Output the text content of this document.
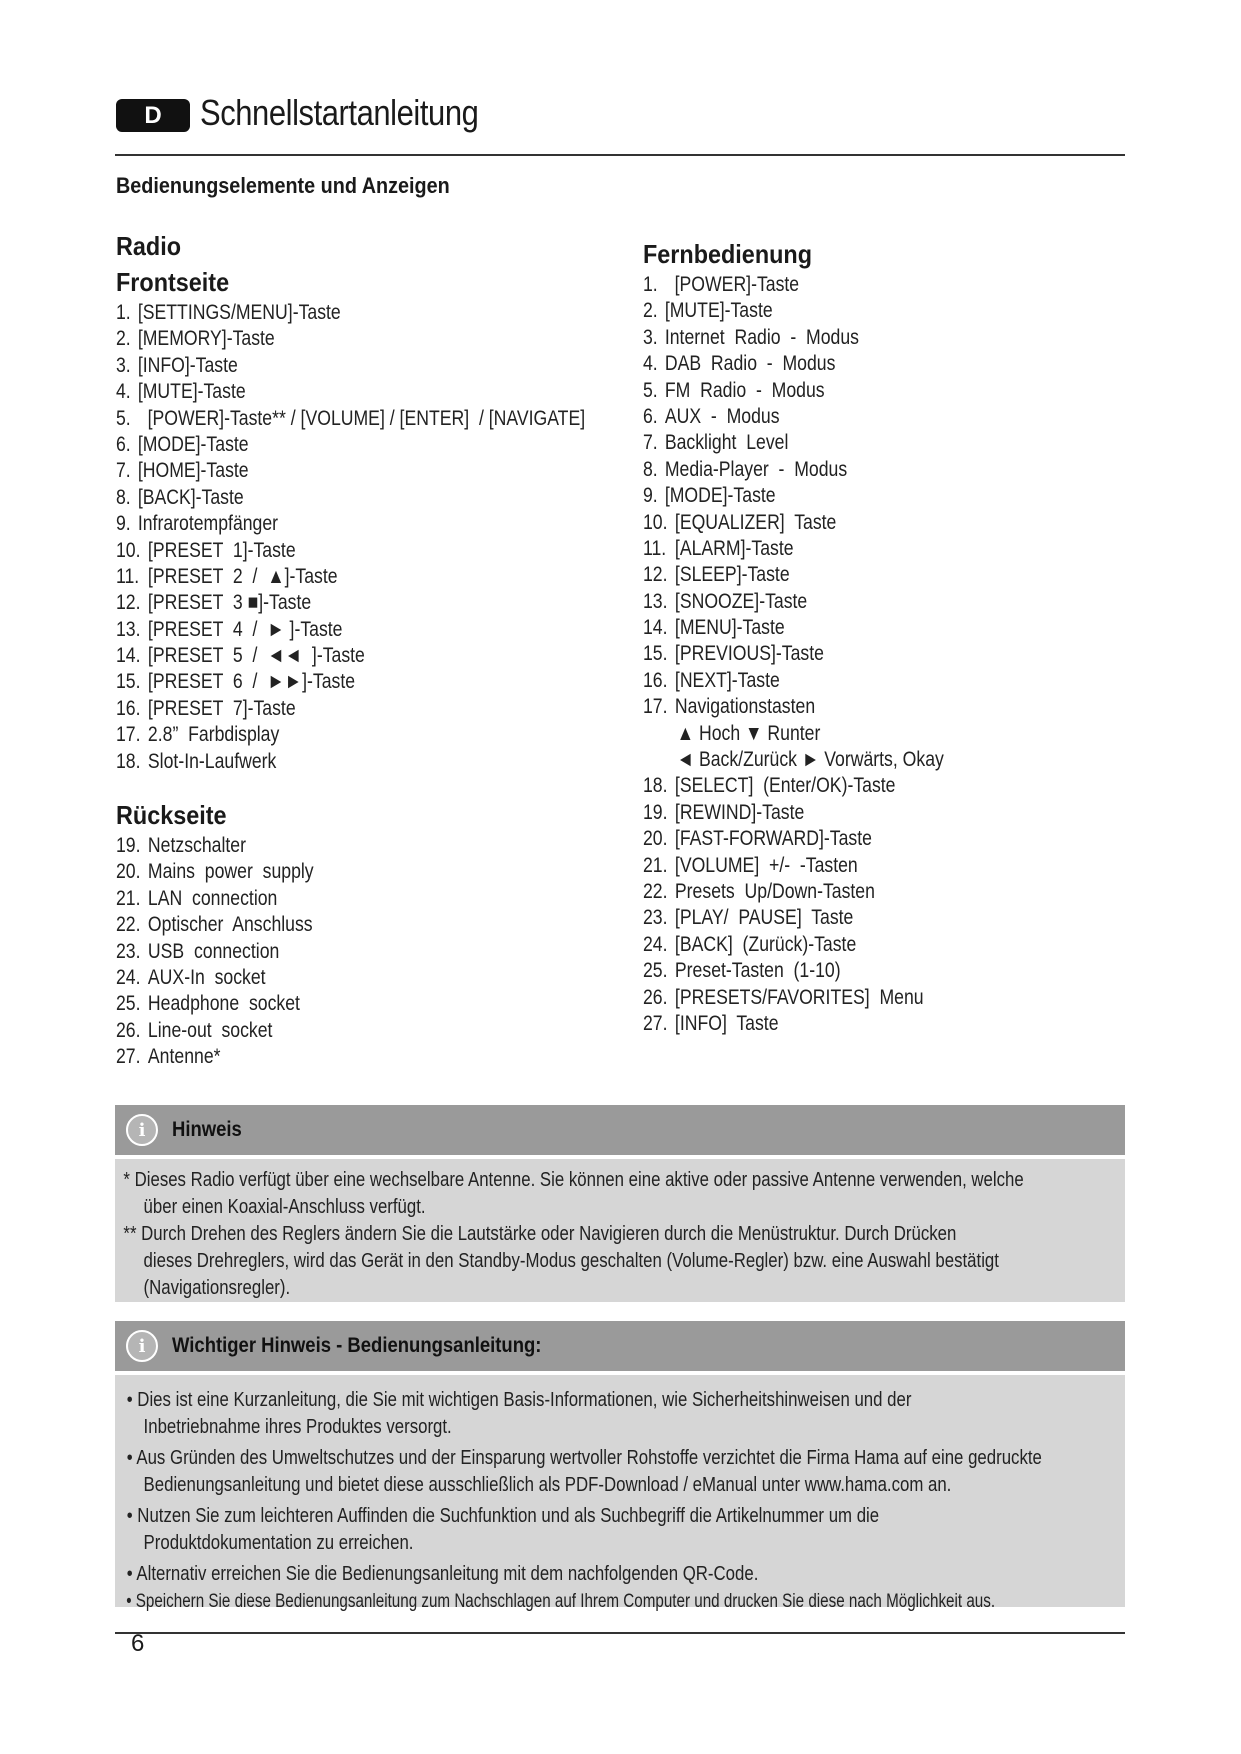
D	Schnellstartanleitung
Bedienungselemente und Anzeigen
Radio
Frontseite
1. [SETTINGS/MENU]-Taste
2. [MEMORY]-Taste
3. [INFO]-Taste
4. [MUTE]-Taste
5.  [POWER]-Taste** / [VOLUME] / [ENTER]  / [NAVIGATE]
6. [MODE]-Taste
7. [HOME]-Taste
8. [BACK]-Taste
9. Infrarotempfänger
10. [PRESET  1]-Taste
11. [PRESET  2  /  ▲]-Taste
12. [PRESET  3 ■]-Taste
13. [PRESET  4  /  ► ]-Taste
14. [PRESET  5  /  ◄◄  ]-Taste
15. [PRESET  6  /  ►►]-Taste
16. [PRESET  7]-Taste
17. 2.8”  Farbdisplay
18. Slot-In-Laufwerk
Rückseite
19. Netzschalter
20. Mains  power  supply
21. LAN  connection
22. Optischer  Anschluss
23. USB  connection
24. AUX-In  socket
25. Headphone  socket
26. Line-out  socket
27. Antenne*
Fernbedienung
1.  [POWER]-Taste
2. [MUTE]-Taste
3. Internet  Radio  -  Modus
4. DAB  Radio  -  Modus
5. FM  Radio  -  Modus
6. AUX  -  Modus
7. Backlight  Level
8. Media-Player  -  Modus
9. [MODE]-Taste
10. [EQUALIZER]  Taste
11. [ALARM]-Taste
12. [SLEEP]-Taste
13. [SNOOZE]-Taste
14. [MENU]-Taste
15. [PREVIOUS]-Taste
16. [NEXT]-Taste
17. Navigationstasten
▲ Hoch ▼ Runter
◄ Back/Zurück ► Vorwärts, Okay
18. [SELECT]  (Enter/OK)-Taste
19. [REWIND]-Taste
20. [FAST-FORWARD]-Taste
21. [VOLUME]  +/-  -Tasten
22. Presets  Up/Down-Tasten
23. [PLAY/  PAUSE]  Taste
24. [BACK]  (Zurück)-Taste
25. Preset-Tasten  (1-10)
26. [PRESETS/FAVORITES]  Menu
27. [INFO]  Taste
i	Hinweis

* Dieses Radio verfügt über eine wechselbare Antenne. Sie können eine aktive oder passive Antenne verwenden, welche

über einen Koaxial-Anschluss verfügt.

** Durch Drehen des Reglers ändern Sie die Lautstärke oder Navigieren durch die Menüstruktur. Durch Drücken

dieses Drehreglers, wird das Gerät in den Standby-Modus geschalten (Volume-Regler) bzw. eine Auswahl bestätigt

(Navigationsregler).

i	Wichtiger Hinweis - Bedienungsanleitung:

• Dies ist eine Kurzanleitung, die Sie mit wichtigen Basis-Informationen, wie Sicherheitshinweisen und der

Inbetriebnahme ihres Produktes versorgt.

• Aus Gründen des Umweltschutzes und der Einsparung wertvoller Rohstoffe verzichtet die Firma Hama auf eine gedruckte

Bedienungsanleitung und bietet diese ausschließlich als PDF-Download / eManual unter www.hama.com an.

• Nutzen Sie zum leichteren Auffinden die Suchfunktion und als Suchbegriff die Artikelnummer um die

Produktdokumentation zu erreichen.

• Alternativ erreichen Sie die Bedienungsanleitung mit dem nachfolgenden QR-Code.

• Speichern Sie diese Bedienungsanleitung zum Nachschlagen auf Ihrem Computer und drucken Sie diese nach Möglichkeit aus.

6
